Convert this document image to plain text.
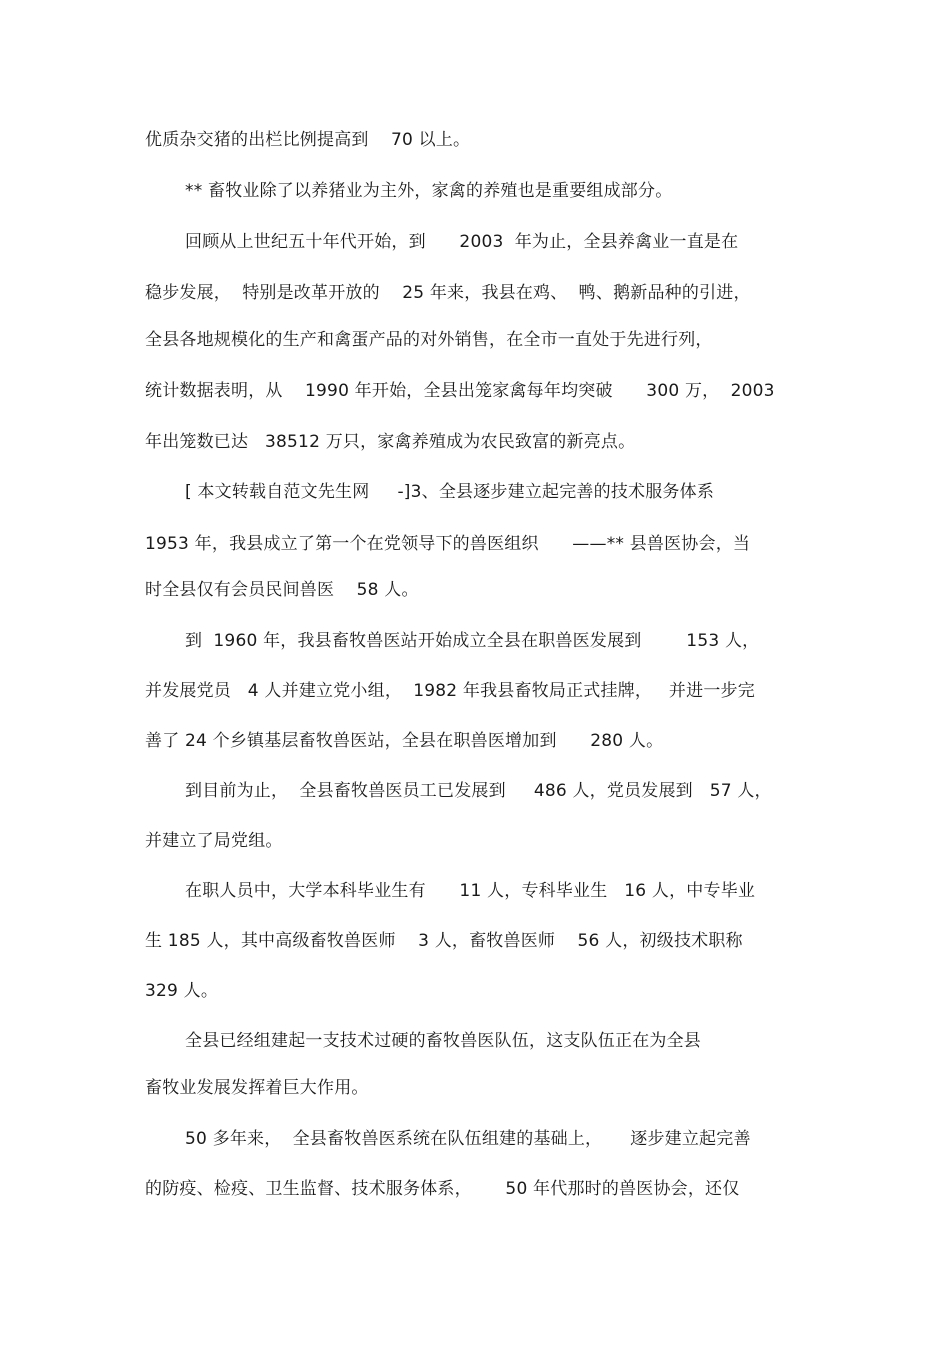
优质杂交猪的出栏比例提高到    70 以上。
** 畜牧业除了以养猪业为主外，家禽的养殖也是重要组成部分。
回顾从上世纪五十年代开始，到      2003  年为止，全县养禽业一直是在
稳步发展，  特别是改革开放的    25 年来，我县在鸡、  鸭、鹅新品种的引进，
全县各地规模化的生产和禽蛋产品的对外销售，在全市一直处于先进行列，
统计数据表明，从    1990 年开始，全县出笼家禽每年均突破      300 万，  2003
年出笼数已达   38512 万只，家禽养殖成为农民致富的新亮点。
[ 本文转载自范文先生网     -]3、全县逐步建立起完善的技术服务体系
1953 年，我县成立了第一个在党领导下的兽医组织      ——** 县兽医协会，当
时全县仅有会员民间兽医    58 人。
到  1960 年，我县畜牧兽医站开始成立全县在职兽医发展到        153 人，
并发展党员   4 人并建立党小组，  1982 年我县畜牧局正式挂牌，   并进一步完
善了 24 个乡镇基层畜牧兽医站，全县在职兽医增加到      280 人。
到目前为止，  全县畜牧兽医员工已发展到     486 人，党员发展到   57 人，
并建立了局党组。
在职人员中，大学本科毕业生有      11 人，专科毕业生   16 人，中专毕业
生 185 人，其中高级畜牧兽医师    3 人，畜牧兽医师    56 人，初级技术职称
329 人。
全县已经组建起一支技术过硬的畜牧兽医队伍，这支队伍正在为全县
畜牧业发展发挥着巨大作用。
50 多年来，  全县畜牧兽医系统在队伍组建的基础上，     逐步建立起完善
的防疫、检疫、卫生监督、技术服务体系，      50 年代那时的兽医协会，还仅
